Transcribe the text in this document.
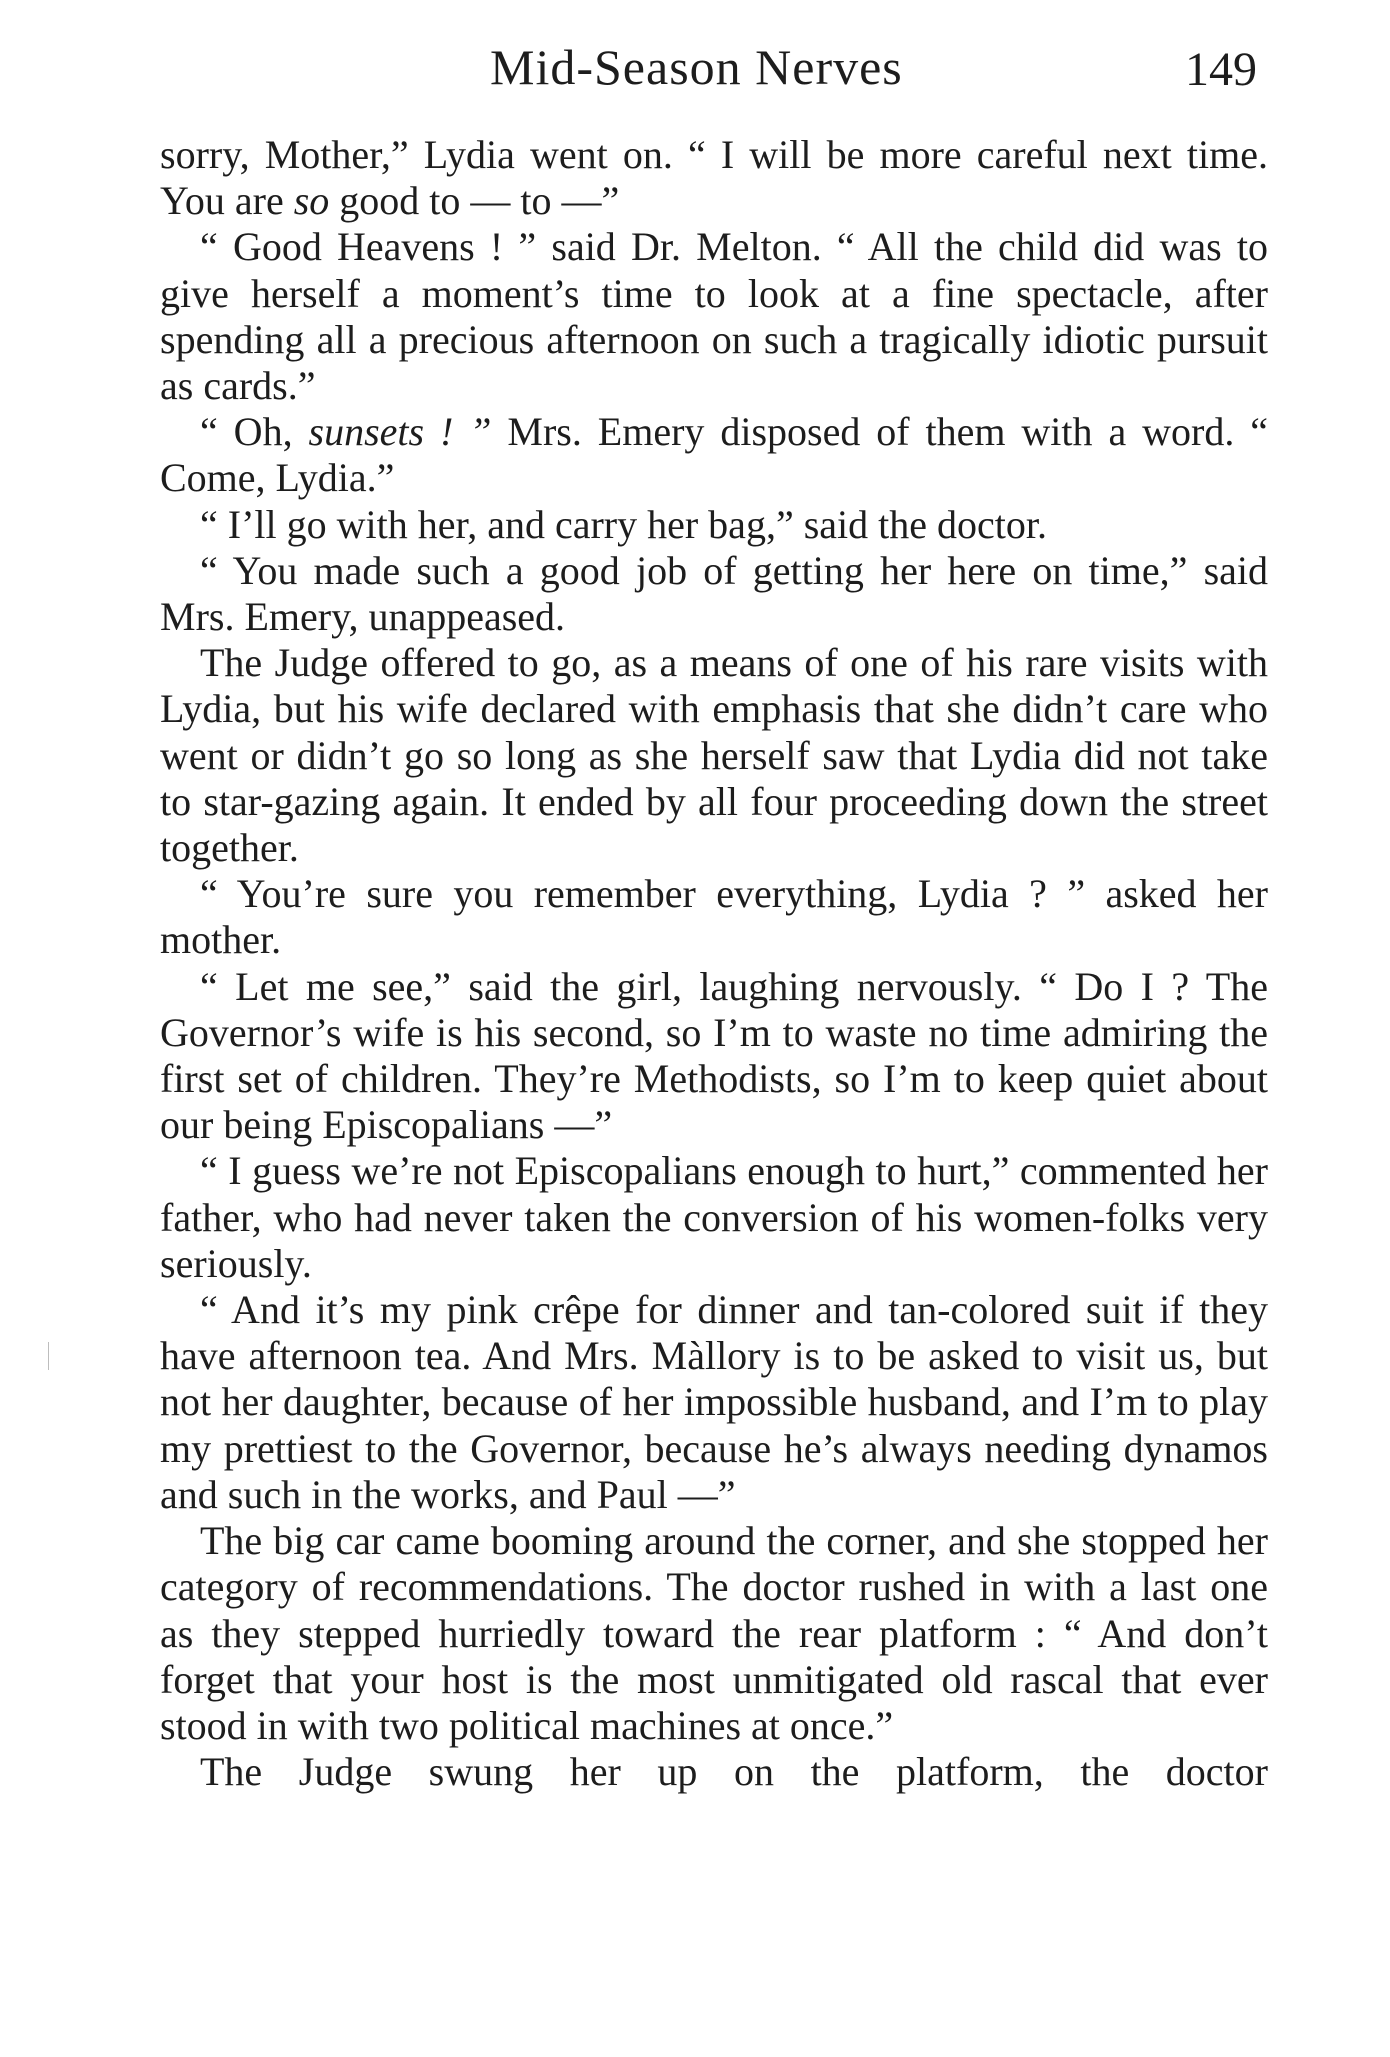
Mid-Season Nerves	149

sorry, Mother,” Lydia went on. “ I will be more careful next time. You are so good to — to —”

“ Good Heavens ! ” said Dr. Melton. “ All the child did was to give herself a moment’s time to look at a fine spectacle, after spending all a precious afternoon on such a tragically idiotic pursuit as cards.”

“ Oh, sunsets ! ” Mrs. Emery disposed of them with a word. “ Come, Lydia.”

“ I’ll go with her, and carry her bag,” said the doctor.

“ You made such a good job of getting her here on time,” said Mrs. Emery, unappeased.

The Judge offered to go, as a means of one of his rare visits with Lydia, but his wife declared with emphasis that she didn’t care who went or didn’t go so long as she herself saw that Lydia did not take to star-gazing again. It ended by all four proceeding down the street together.

“ You’re sure you remember everything, Lydia ? ” asked her mother.

“ Let me see,” said the girl, laughing nervously. “ Do I ? The Governor’s wife is his second, so I’m to waste no time admiring the first set of children. They’re Methodists, so I’m to keep quiet about our being Episcopalians —”

“ I guess we’re not Episcopalians enough to hurt,” commented her father, who had never taken the conversion of his women-folks very seriously.

“ And it’s my pink crêpe for dinner and tan-colored suit if they have afternoon tea. And Mrs. Màllory is to be asked to visit us, but not her daughter, because of her impossible husband, and I’m to play my prettiest to the Governor, because he’s always needing dynamos and such in the works, and Paul —”

The big car came booming around the corner, and she stopped her category of recommendations. The doctor rushed in with a last one as they stepped hurriedly toward the rear platform : “ And don’t forget that your host is the most unmitigated old rascal that ever stood in with two political machines at once.”

The Judge swung her up on the platform, the doctor
